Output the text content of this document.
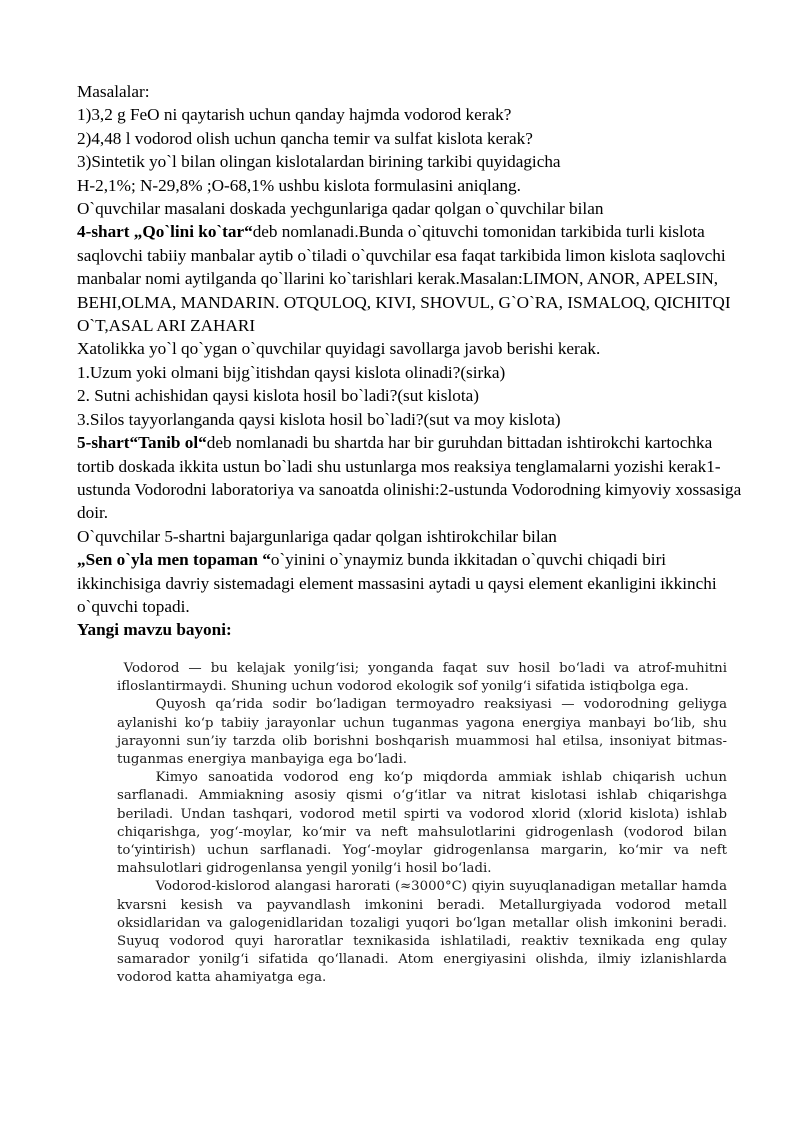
Masalalar:

1)3,2 g FeO ni qaytarish uchun qanday hajmda vodorod kerak?

2)4,48 l vodorod olish uchun qancha temir va sulfat kislota kerak?

3)Sintetik yo`l bilan olingan kislotalardan birining tarkibi quyidagicha

H-2,1%; N-29,8% ;O-68,1% ushbu kislota formulasini aniqlang.

O`quvchilar masalani doskada yechgunlariga qadar qolgan o`quvchilar bilan

4-shart „Qo`lini ko`tar“deb nomlanadi.Bunda o`qituvchi tomonidan tarkibida turli kislota saqlovchi tabiiy manbalar aytib o`tiladi o`quvchilar esa faqat tarkibida limon kislota saqlovchi manbalar nomi aytilganda qo`llarini ko`tarishlari kerak.Masalan:LIMON, ANOR, APELSIN, BEHI,OLMA, MANDARIN. OTQULOQ, KIVI, SHOVUL, G`O`RA, ISMALOQ, QICHITQI O`T,ASAL ARI ZAHARI

Xatolikka yo`l qo`ygan o`quvchilar quyidagi savollarga javob berishi kerak.

1.Uzum yoki olmani bijg`itishdan qaysi kislota olinadi?(sirka)

2. Sutni achishidan qaysi kislota hosil bo`ladi?(sut kislota)

3.Silos tayyorlanganda qaysi kislota hosil bo`ladi?(sut va moy kislota)

5-shart“Tanib ol“deb nomlanadi bu shartda har bir guruhdan bittadan ishtirokchi kartochka tortib doskada ikkita ustun bo`ladi shu ustunlarga mos reaksiya tenglamalarni yozishi kerak1-ustunda Vodorodni laboratoriya va sanoatda olinishi:2-ustunda Vodorodning kimyoviy xossasiga doir.

O`quvchilar 5-shartni bajargunlariga qadar qolgan ishtirokchilar bilan

„Sen o`yla men topaman “o`yinini o`ynaymiz bunda ikkitadan o`quvchi chiqadi biri ikkinchisiga davriy sistemadagi element massasini aytadi u qaysi element ekanligini ikkinchi o`quvchi topadi.

Yangi mavzu bayoni:

Vodorod — bu kelajak yonilg‘isi; yonganda faqat suv hosil bo‘ladi va atrof-muhitni ifloslantirmaydi. Shuning uchun vodorod ekologik sof yonilg‘i sifatida istiqbolga ega.

Quyosh qa’rida sodir bo‘ladigan termoyadro reaksiyasi — vodorodning geliyga aylanishi ko‘p tabiiy jarayonlar uchun tuganmas yagona energiya manbayi bo‘lib, shu jarayonni sun’iy tarzda olib borishni boshqarish muammosi hal etilsa, insoniyat bitmas-tuganmas energiya manbayiga ega bo‘ladi.

Kimyo sanoatida vodorod eng ko‘p miqdorda ammiak ishlab chiqarish uchun sarflanadi. Ammiakning asosiy qismi o‘g‘itlar va nitrat kislotasi ishlab chiqarishga beriladi. Undan tashqari, vodorod metil spirti va vodorod xlorid (xlorid kislota) ishlab chiqarishga, yog‘-moylar, ko‘mir va neft mahsulotlarini gidrogenlash (vodorod bilan to‘yintirish) uchun sarflanadi. Yog‘-moylar gidrogenlansa margarin, ko‘mir va neft mahsulotlari gidrogenlansa yengil yonilg‘i hosil bo‘ladi.

Vodorod-kislorod alangasi harorati (≈3000°C) qiyin suyuqlanadigan metallar hamda kvarsni kesish va payvandlash imkonini beradi. Metallurgiyada vodorod metall oksidlaridan va galogenidlaridan tozaligi yuqori bo‘lgan metallar olish imkonini beradi. Suyuq vodorod quyi haroratlar texnikasida ishlatiladi, reaktiv texnikada eng qulay samarador yonilg‘i sifatida qo‘llanadi. Atom energiyasini olishda, ilmiy izlanishlarda vodorod katta ahamiyatga ega.
